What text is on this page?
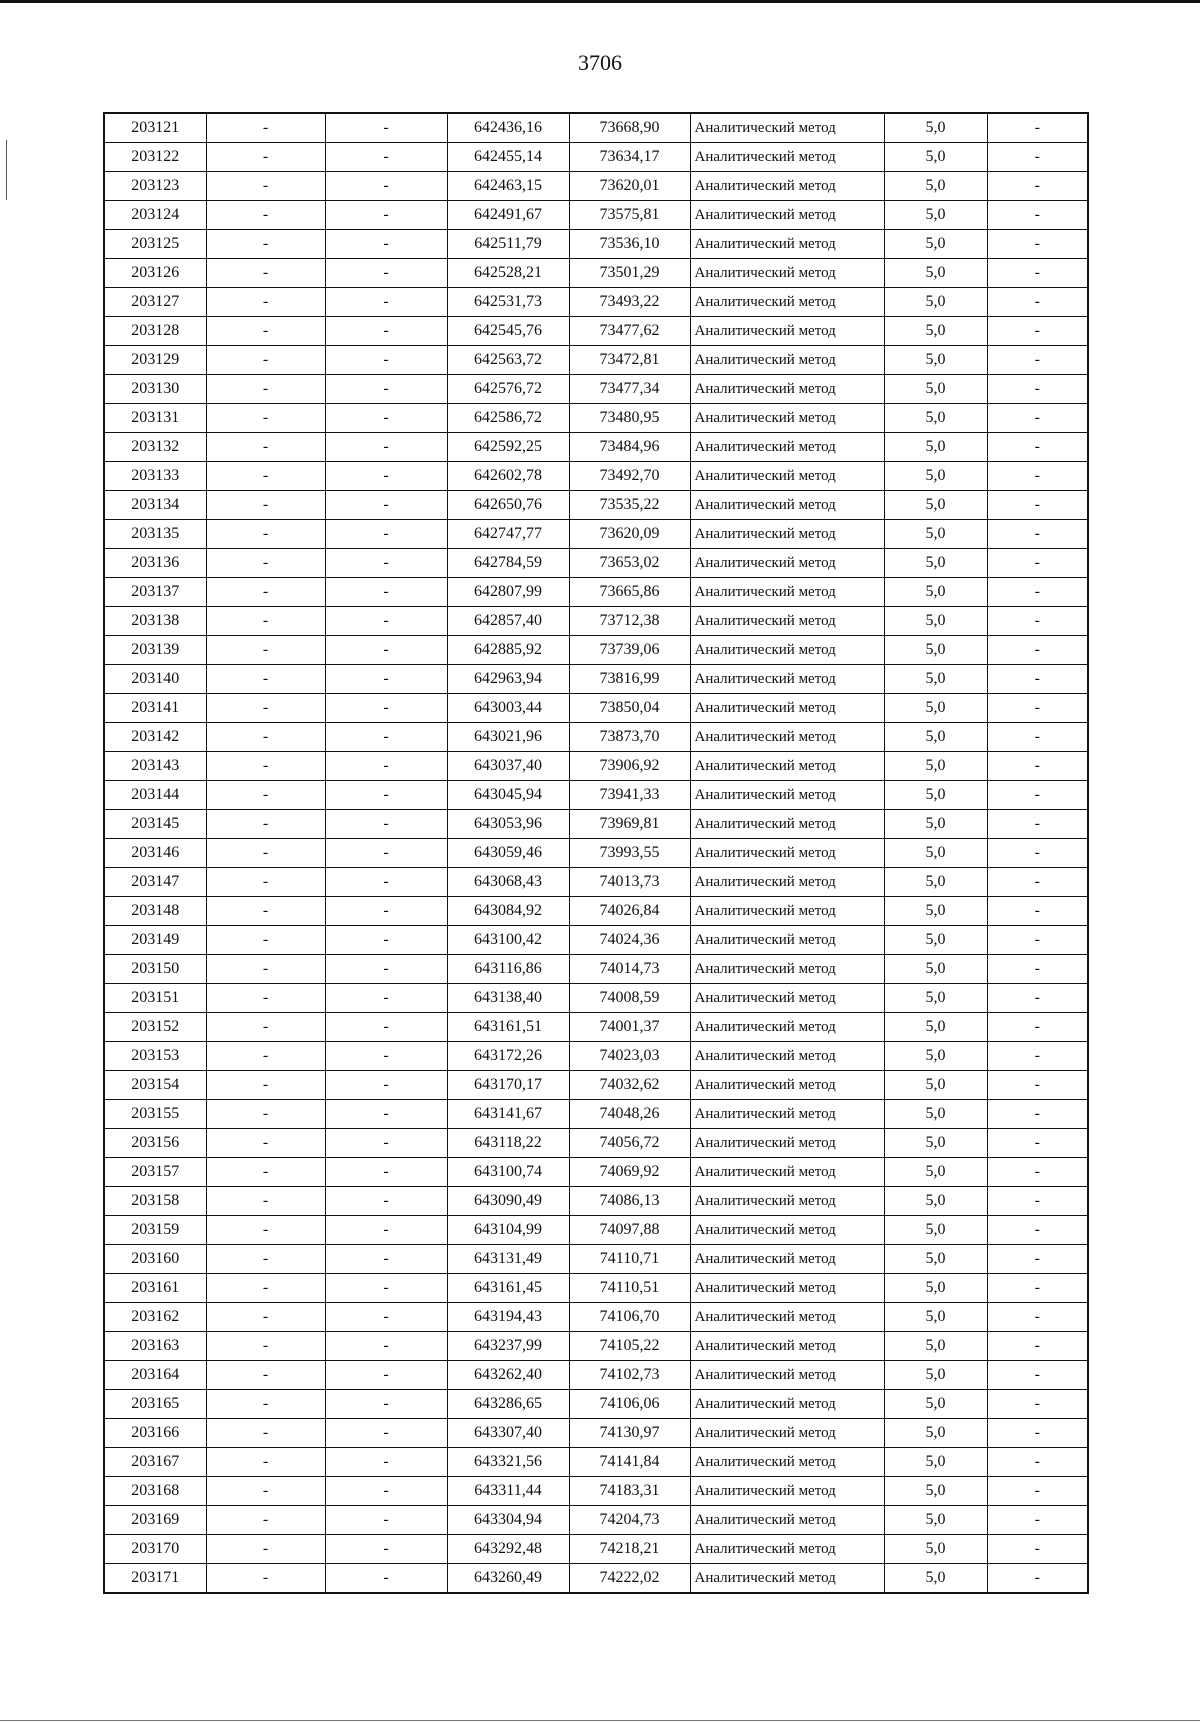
3706
203121	-	-	642436,16	73668,90	Аналитический метод	5,0	-
203122	-	-	642455,14	73634,17	Аналитический метод	5,0	-
203123	-	-	642463,15	73620,01	Аналитический метод	5,0	-
203124	-	-	642491,67	73575,81	Аналитический метод	5,0	-
203125	-	-	642511,79	73536,10	Аналитический метод	5,0	-
203126	-	-	642528,21	73501,29	Аналитический метод	5,0	-
203127	-	-	642531,73	73493,22	Аналитический метод	5,0	-
203128	-	-	642545,76	73477,62	Аналитический метод	5,0	-
203129	-	-	642563,72	73472,81	Аналитический метод	5,0	-
203130	-	-	642576,72	73477,34	Аналитический метод	5,0	-
203131	-	-	642586,72	73480,95	Аналитический метод	5,0	-
203132	-	-	642592,25	73484,96	Аналитический метод	5,0	-
203133	-	-	642602,78	73492,70	Аналитический метод	5,0	-
203134	-	-	642650,76	73535,22	Аналитический метод	5,0	-
203135	-	-	642747,77	73620,09	Аналитический метод	5,0	-
203136	-	-	642784,59	73653,02	Аналитический метод	5,0	-
203137	-	-	642807,99	73665,86	Аналитический метод	5,0	-
203138	-	-	642857,40	73712,38	Аналитический метод	5,0	-
203139	-	-	642885,92	73739,06	Аналитический метод	5,0	-
203140	-	-	642963,94	73816,99	Аналитический метод	5,0	-
203141	-	-	643003,44	73850,04	Аналитический метод	5,0	-
203142	-	-	643021,96	73873,70	Аналитический метод	5,0	-
203143	-	-	643037,40	73906,92	Аналитический метод	5,0	-
203144	-	-	643045,94	73941,33	Аналитический метод	5,0	-
203145	-	-	643053,96	73969,81	Аналитический метод	5,0	-
203146	-	-	643059,46	73993,55	Аналитический метод	5,0	-
203147	-	-	643068,43	74013,73	Аналитический метод	5,0	-
203148	-	-	643084,92	74026,84	Аналитический метод	5,0	-
203149	-	-	643100,42	74024,36	Аналитический метод	5,0	-
203150	-	-	643116,86	74014,73	Аналитический метод	5,0	-
203151	-	-	643138,40	74008,59	Аналитический метод	5,0	-
203152	-	-	643161,51	74001,37	Аналитический метод	5,0	-
203153	-	-	643172,26	74023,03	Аналитический метод	5,0	-
203154	-	-	643170,17	74032,62	Аналитический метод	5,0	-
203155	-	-	643141,67	74048,26	Аналитический метод	5,0	-
203156	-	-	643118,22	74056,72	Аналитический метод	5,0	-
203157	-	-	643100,74	74069,92	Аналитический метод	5,0	-
203158	-	-	643090,49	74086,13	Аналитический метод	5,0	-
203159	-	-	643104,99	74097,88	Аналитический метод	5,0	-
203160	-	-	643131,49	74110,71	Аналитический метод	5,0	-
203161	-	-	643161,45	74110,51	Аналитический метод	5,0	-
203162	-	-	643194,43	74106,70	Аналитический метод	5,0	-
203163	-	-	643237,99	74105,22	Аналитический метод	5,0	-
203164	-	-	643262,40	74102,73	Аналитический метод	5,0	-
203165	-	-	643286,65	74106,06	Аналитический метод	5,0	-
203166	-	-	643307,40	74130,97	Аналитический метод	5,0	-
203167	-	-	643321,56	74141,84	Аналитический метод	5,0	-
203168	-	-	643311,44	74183,31	Аналитический метод	5,0	-
203169	-	-	643304,94	74204,73	Аналитический метод	5,0	-
203170	-	-	643292,48	74218,21	Аналитический метод	5,0	-
203171	-	-	643260,49	74222,02	Аналитический метод	5,0	-
